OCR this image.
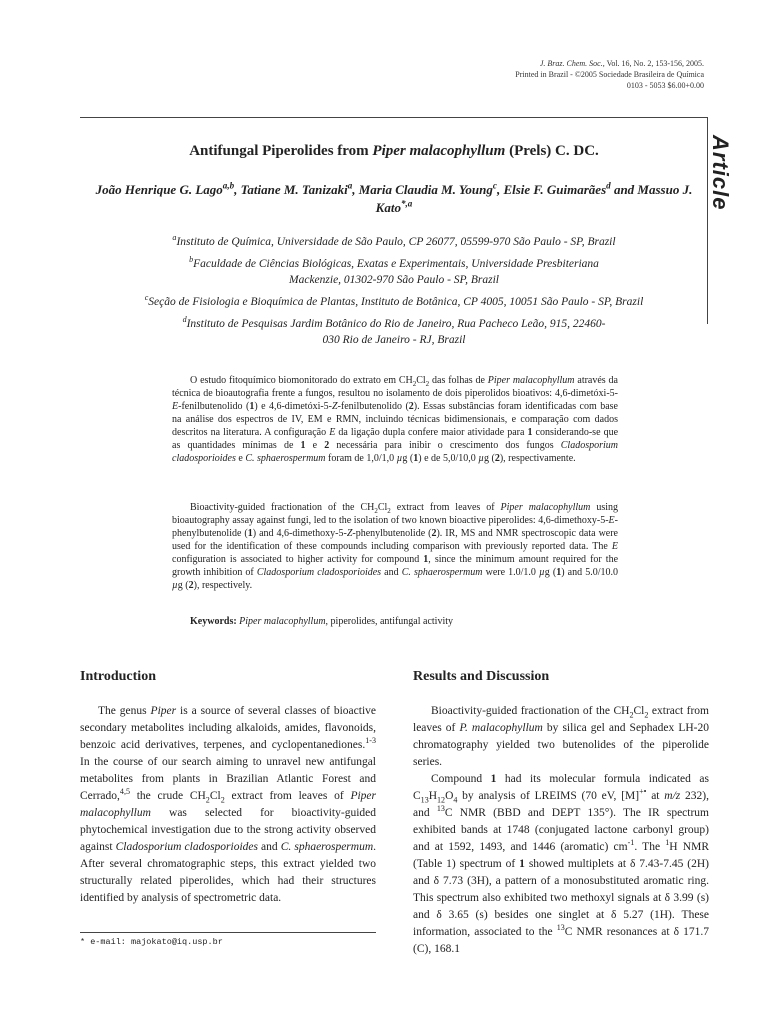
J. Braz. Chem. Soc., Vol. 16, No. 2, 153-156, 2005.
Printed in Brazil - ©2005 Sociedade Brasileira de Química
0103 - 5053 $6.00+0.00
Article
Antifungal Piperolides from Piper malacophyllum (Prels) C. DC.
João Henrique G. Lago$^{a,b}$, Tatiane M. Tanizaki$^a$, Maria Claudia M. Young$^c$, Elsie F. Guimarães$^d$ and Massuo J. Kato$^{*,a}$

$^a$Instituto de Química, Universidade de São Paulo, CP 26077, 05599-970 São Paulo - SP, Brazil

$^b$Faculdade de Ciências Biológicas, Exatas e Experimentais, Universidade Presbiteriana Mackenzie, 01302-970 São Paulo - SP, Brazil

$^c$Seção de Fisiologia e Bioquímica de Plantas, Instituto de Botânica, CP 4005, 10051 São Paulo - SP, Brazil

$^d$Instituto de Pesquisas Jardim Botânico do Rio de Janeiro, Rua Pacheco Leão, 915, 22460-030 Rio de Janeiro - RJ, Brazil

O estudo fitoquímico biomonitorado do extrato em $CH_2Cl_2$ das folhas de Piper malacophyllum através da técnica de bioautografia frente a fungos, resultou no isolamento de dois piperolidos bioativos: 4,6-dimetóxi-5-E-fenilbutenolido (1) e 4,6-dimetóxi-5-Z-fenilbutenolido (2). Essas substâncias foram identificadas com base na análise dos espectros de IV, EM e RMN, incluindo técnicas bidimensionais, e comparação com dados descritos na literatura. A configuração E da ligação dupla confere maior atividade para 1 considerando-se que as quantidades mínimas de 1 e 2 necessária para inibir o crescimento dos fungos Cladosporium cladosporioides e C. sphaerospermum foram de 1,0/1,0 µg (1) e de 5,0/10,0 µg (2), respectivamente.

Bioactivity-guided fractionation of the $CH_2Cl_2$ extract from leaves of Piper malacophyllum using bioautography assay against fungi, led to the isolation of two known bioactive piperolides: 4,6-dimethoxy-5-E-phenylbutenolide (1) and 4,6-dimethoxy-5-Z-phenylbutenolide (2). IR, MS and NMR spectroscopic data were used for the identification of these compounds including comparison with previously reported data. The E configuration is associated to higher activity for compound 1, since the minimum amount required for the growth inhibition of Cladosporium cladosporioides and C. sphaerospermum were 1.0/1.0 µg (1) and 5.0/10.0 µg (2), respectively.

Keywords: Piper malacophyllum, piperolides, antifungal activity
Introduction

The genus Piper is a source of several classes of bioactive secondary metabolites including alkaloids, amides, flavonoids, benzoic acid derivatives, terpenes, and cyclopentanediones.$^{1-3}$ In the course of our search aiming to unravel new antifungal metabolites from plants in Brazilian Atlantic Forest and Cerrado,$^{4,5}$ the crude $CH_2Cl_2$ extract from leaves of Piper malacophyllum was selected for bioactivity-guided phytochemical investigation due to the strong activity observed against Cladosporium cladosporioides and C. sphaerospermum. After several chromatographic steps, this extract yielded two structurally related piperolides, which had their structures identified by analysis of spectrometric data.

* e-mail: majokato@iq.usp.br
Results and Discussion

Bioactivity-guided fractionation of the $CH_2Cl_2$ extract from leaves of P. malacophyllum by silica gel and Sephadex LH-20 chromatography yielded two butenolides of the piperolide series.

Compound 1 had its molecular formula indicated as $C_{13}H_{12}O_4$ by analysis of LREIMS (70 eV, [M]+• at m/z 232), and $^{13}$C NMR (BBD and DEPT 135°). The IR spectrum exhibited bands at 1748 (conjugated lactone carbonyl group) and at 1592, 1493, and 1446 (aromatic) $cm^{-1}$. The $^1$H NMR (Table 1) spectrum of 1 showed multiplets at δ 7.43-7.45 (2H) and δ 7.73 (3H), a pattern of a monosubstituted aromatic ring. This spectrum also exhibited two methoxyl signals at δ 3.99 (s) and δ 3.65 (s) besides one singlet at δ 5.27 (1H). These information, associated to the $^{13}$C NMR resonances at δ 171.7 (C), 168.1
